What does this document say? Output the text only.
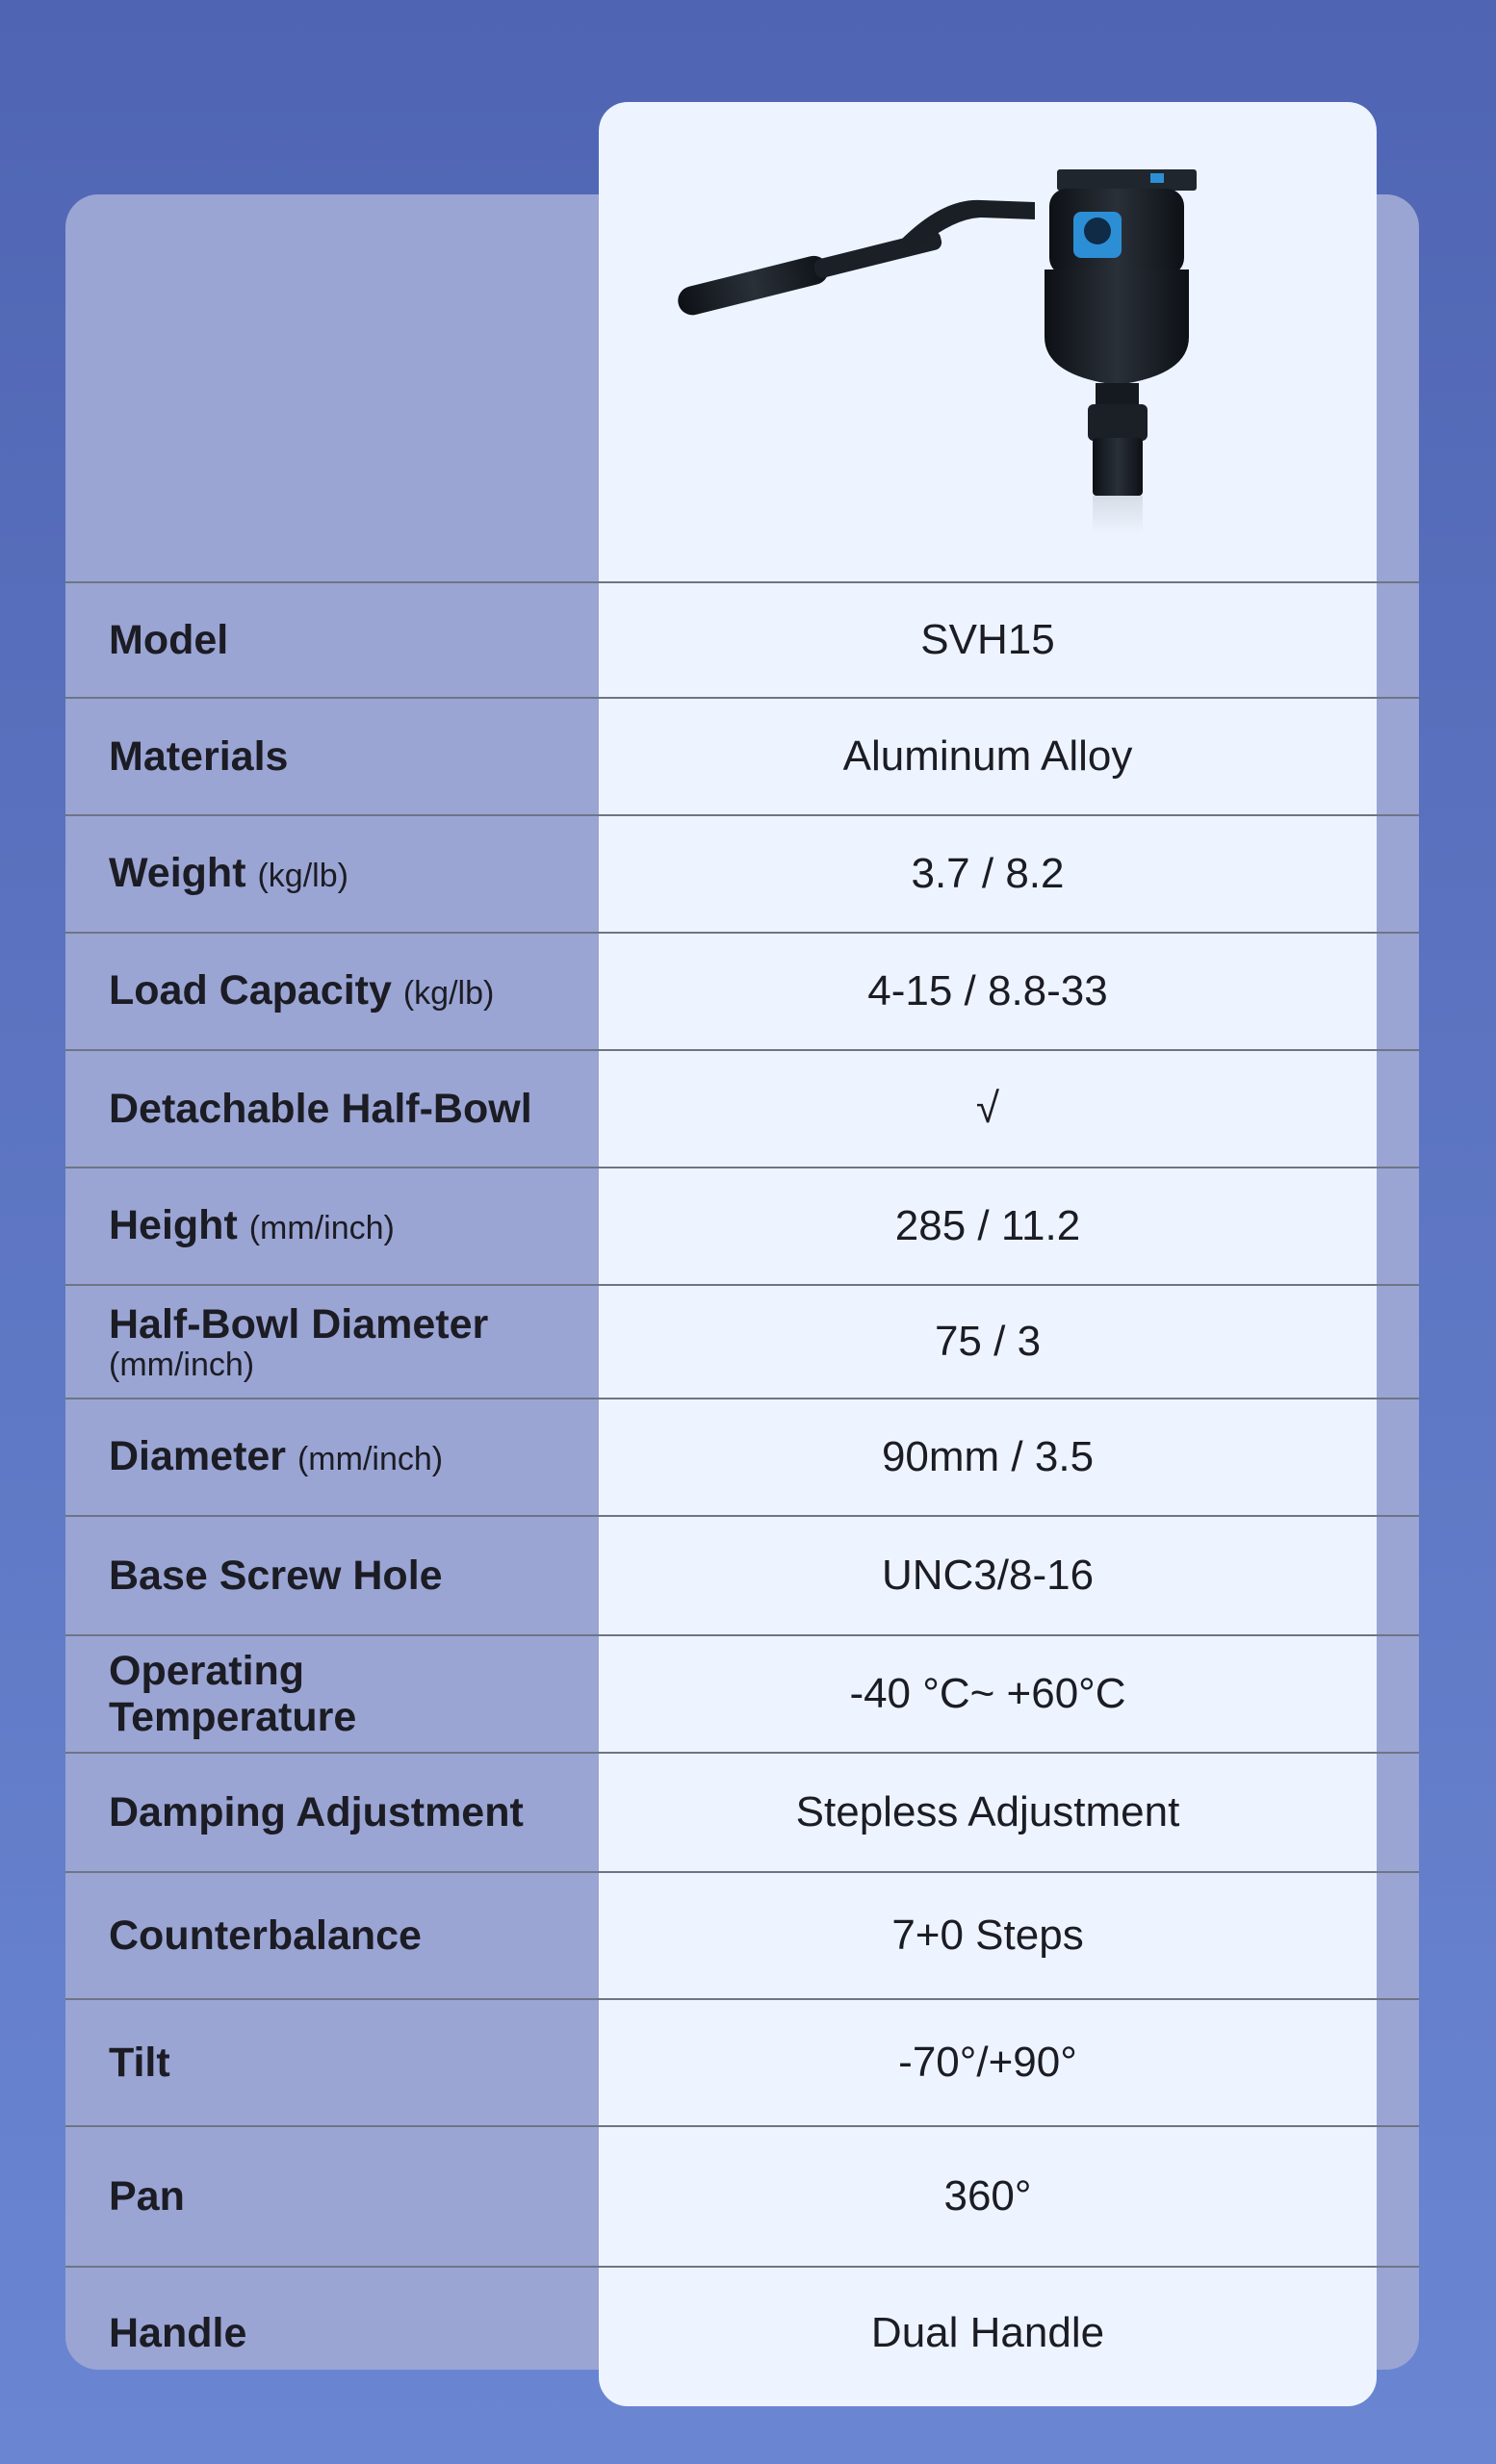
Model	SVH15
Materials	Aluminum Alloy
Weight (kg/lb)	3.7 / 8.2
Load Capacity (kg/lb)	4-15 / 8.8-33
Detachable Half-Bowl	√
Height (mm/inch)	285 / 11.2
Half-Bowl Diameter
(mm/inch)	75 / 3
Diameter (mm/inch)	90mm / 3.5
Base Screw Hole	UNC3/8-16
Operating Temperature	-40 °C~ +60°C
Damping Adjustment	Stepless Adjustment
Counterbalance	7+0 Steps
Tilt	-70°/+90°
Pan	360°
Handle	Dual Handle
